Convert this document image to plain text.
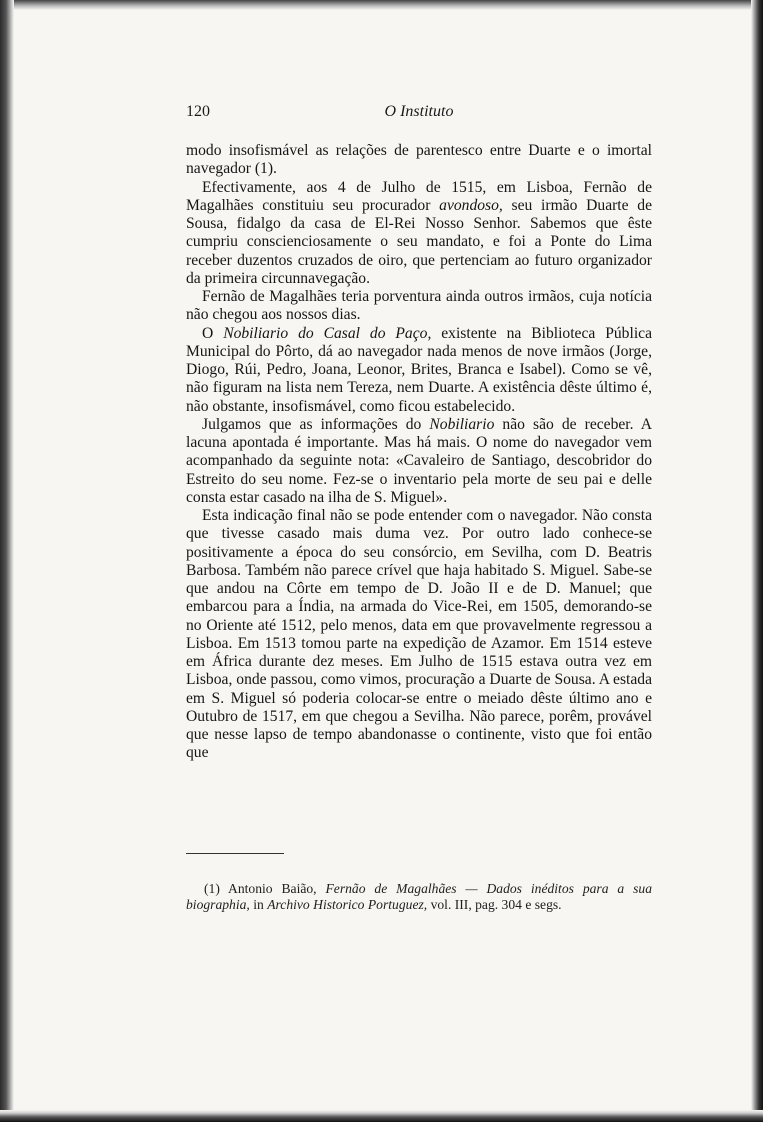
120	O Instituto

modo insofismável as relações de parentesco entre Duarte e o imortal navegador (1).

Efectivamente, aos 4 de Julho de 1515, em Lisboa, Fernão de Magalhães constituiu seu procurador avondoso, seu irmão Duarte de Sousa, fidalgo da casa de El-Rei Nosso Senhor. Sabemos que êste cumpriu conscienciosamente o seu mandato, e foi a Ponte do Lima receber duzentos cruzados de oiro, que pertenciam ao futuro organizador da primeira circunnavegação.

Fernão de Magalhães teria porventura ainda outros irmãos, cuja notícia não chegou aos nossos dias.

O Nobiliario do Casal do Paço, existente na Biblioteca Pública Municipal do Pôrto, dá ao navegador nada menos de nove irmãos (Jorge, Diogo, Rúi, Pedro, Joana, Leonor, Brites, Branca e Isabel). Como se vê, não figuram na lista nem Tereza, nem Duarte. A existência dêste último é, não obstante, insofismável, como ficou estabelecido.

Julgamos que as informações do Nobiliario não são de receber. A lacuna apontada é importante. Mas há mais. O nome do navegador vem acompanhado da seguinte nota: «Cavaleiro de Santiago, descobridor do Estreito do seu nome. Fez-se o inventario pela morte de seu pai e delle consta estar casado na ilha de S. Miguel».

Esta indicação final não se pode entender com o navegador. Não consta que tivesse casado mais duma vez. Por outro lado conhece-se positivamente a época do seu consórcio, em Sevilha, com D. Beatris Barbosa. Também não parece crível que haja habitado S. Miguel. Sabe-se que andou na Côrte em tempo de D. João II e de D. Manuel; que embarcou para a Índia, na armada do Vice-Rei, em 1505, demorando-se no Oriente até 1512, pelo menos, data em que provavelmente regressou a Lisboa. Em 1513 tomou parte na expedição de Azamor. Em 1514 esteve em África durante dez meses. Em Julho de 1515 estava outra vez em Lisboa, onde passou, como vimos, procuração a Duarte de Sousa. A estada em S. Miguel só poderia colocar-se entre o meiado dêste último ano e Outubro de 1517, em que chegou a Sevilha. Não parece, porêm, provável que nesse lapso de tempo abandonasse o continente, visto que foi então que

(1) Antonio Baião, Fernão de Magalhães — Dados inéditos para a sua biographia, in Archivo Historico Portuguez, vol. III, pag. 304 e segs.
